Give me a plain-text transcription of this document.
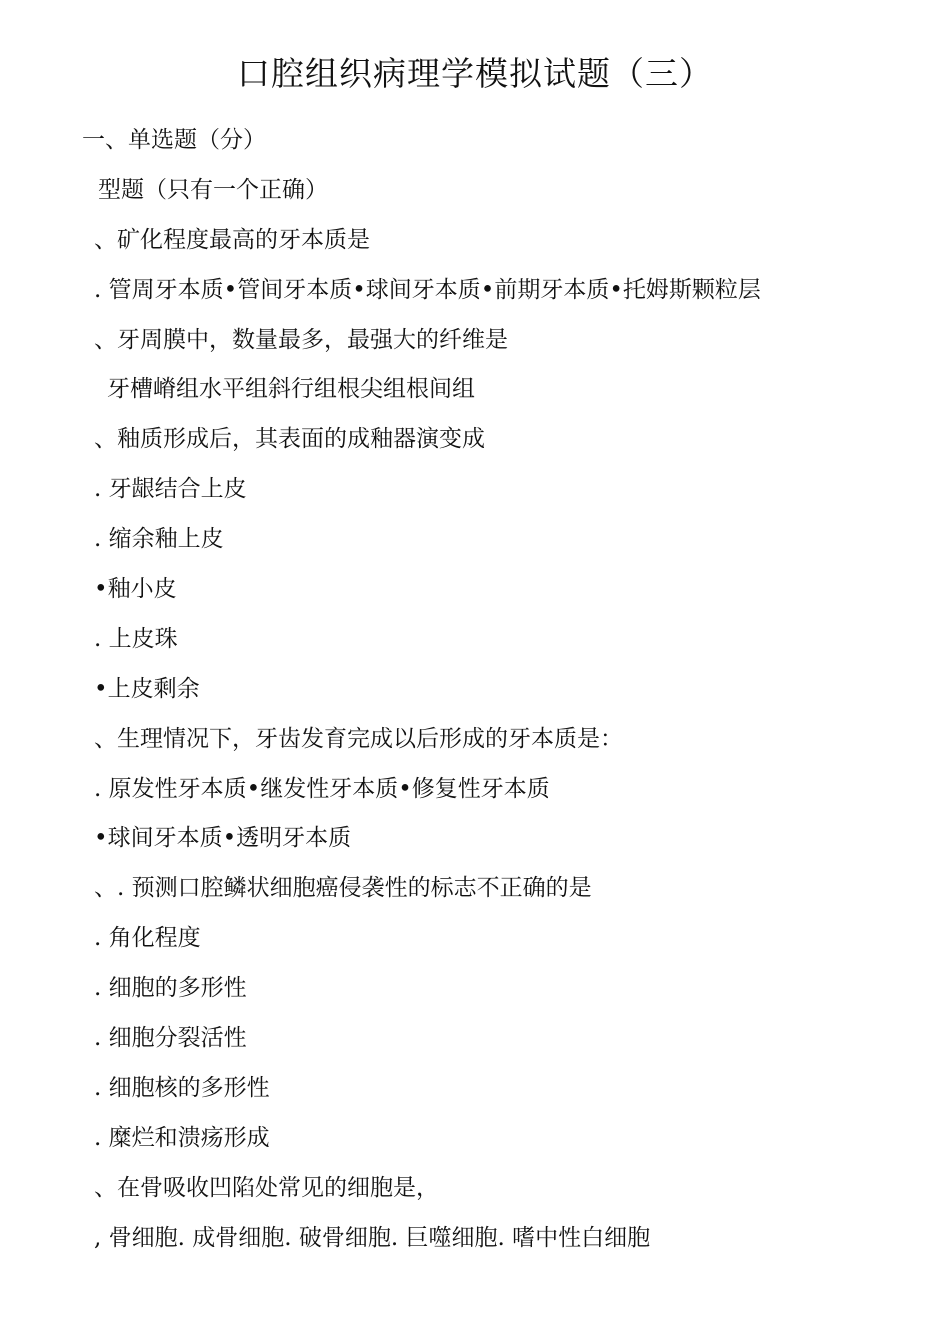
口腔组织病理学模拟试题（三）
一、单选题（分）
型题（只有一个正确）
、矿化程度最高的牙本质是
. 管周牙本质•管间牙本质•球间牙本质•前期牙本质•托姆斯颗粒层
、牙周膜中，数量最多，最强大的纤维是
牙槽嵴组水平组斜行组根尖组根间组
、釉质形成后，其表面的成釉器演变成
. 牙龈结合上皮
. 缩余釉上皮
•釉小皮
. 上皮珠
•上皮剩余
、生理情况下，牙齿发育完成以后形成的牙本质是：
. 原发性牙本质•继发性牙本质•修复性牙本质
•球间牙本质•透明牙本质
、. 预测口腔鳞状细胞癌侵袭性的标志不正确的是
. 角化程度
. 细胞的多形性
. 细胞分裂活性
. 细胞核的多形性
. 糜烂和溃疡形成
、在骨吸收凹陷处常见的细胞是，
, 骨细胞. 成骨细胞. 破骨细胞. 巨噬细胞. 嗜中性白细胞
